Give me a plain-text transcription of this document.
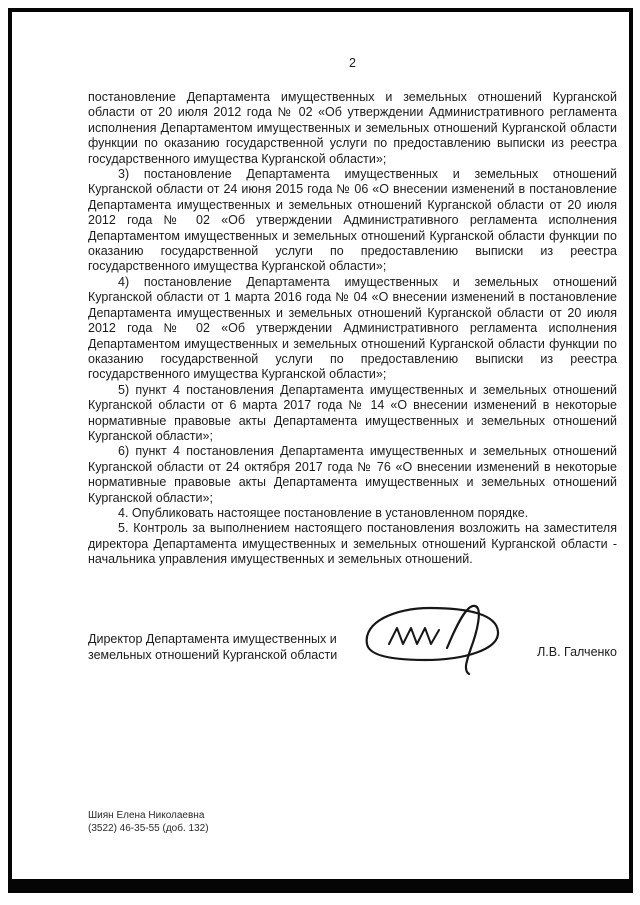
2

постановление Департамента имущественных и земельных отношений Курганской области от 20 июля 2012 года № 02 «Об утверждении Административного регламента исполнения Департаментом имущественных и земельных отношений Курганской области функции по оказанию государственной услуги по предоставлению выписки из реестра государственного имущества Курганской области»;

3) постановление Департамента имущественных и земельных отношений Курганской области от 24 июня 2015 года № 06 «О внесении изменений в постановление Департамента имущественных и земельных отношений Курганской области от 20 июля 2012 года № 02 «Об утверждении Административного регламента исполнения Департаментом имущественных и земельных отношений Курганской области функции по оказанию государственной услуги по предоставлению выписки из реестра государственного имущества Курганской области»;

4) постановление Департамента имущественных и земельных отношений Курганской области от 1 марта 2016 года № 04 «О внесении изменений в постановление Департамента имущественных и земельных отношений Курганской области от 20 июля 2012 года № 02 «Об утверждении Административного регламента исполнения Департаментом имущественных и земельных отношений Курганской области функции по оказанию государственной услуги по предоставлению выписки из реестра государственного имущества Курганской области»;

5) пункт 4 постановления Департамента имущественных и земельных отношений Курганской области от 6 марта 2017 года № 14 «О внесении изменений в некоторые нормативные правовые акты Департамента имущественных и земельных отношений Курганской области»;

6) пункт 4 постановления Департамента имущественных и земельных отношений Курганской области от 24 октября 2017 года № 76 «О внесении изменений в некоторые нормативные правовые акты Департамента имущественных и земельных отношений Курганской области»;

4. Опубликовать настоящее постановление в установленном порядке.

5. Контроль за выполнением настоящего постановления возложить на заместителя директора Департамента имущественных и земельных отношений Курганской области - начальника управления имущественных и земельных отношений.

Директор Департамента имущественных и
земельных отношений Курганской области	Л.В. Галченко
Шиян Елена Николаевна
(3522) 46-35-55 (доб. 132)
